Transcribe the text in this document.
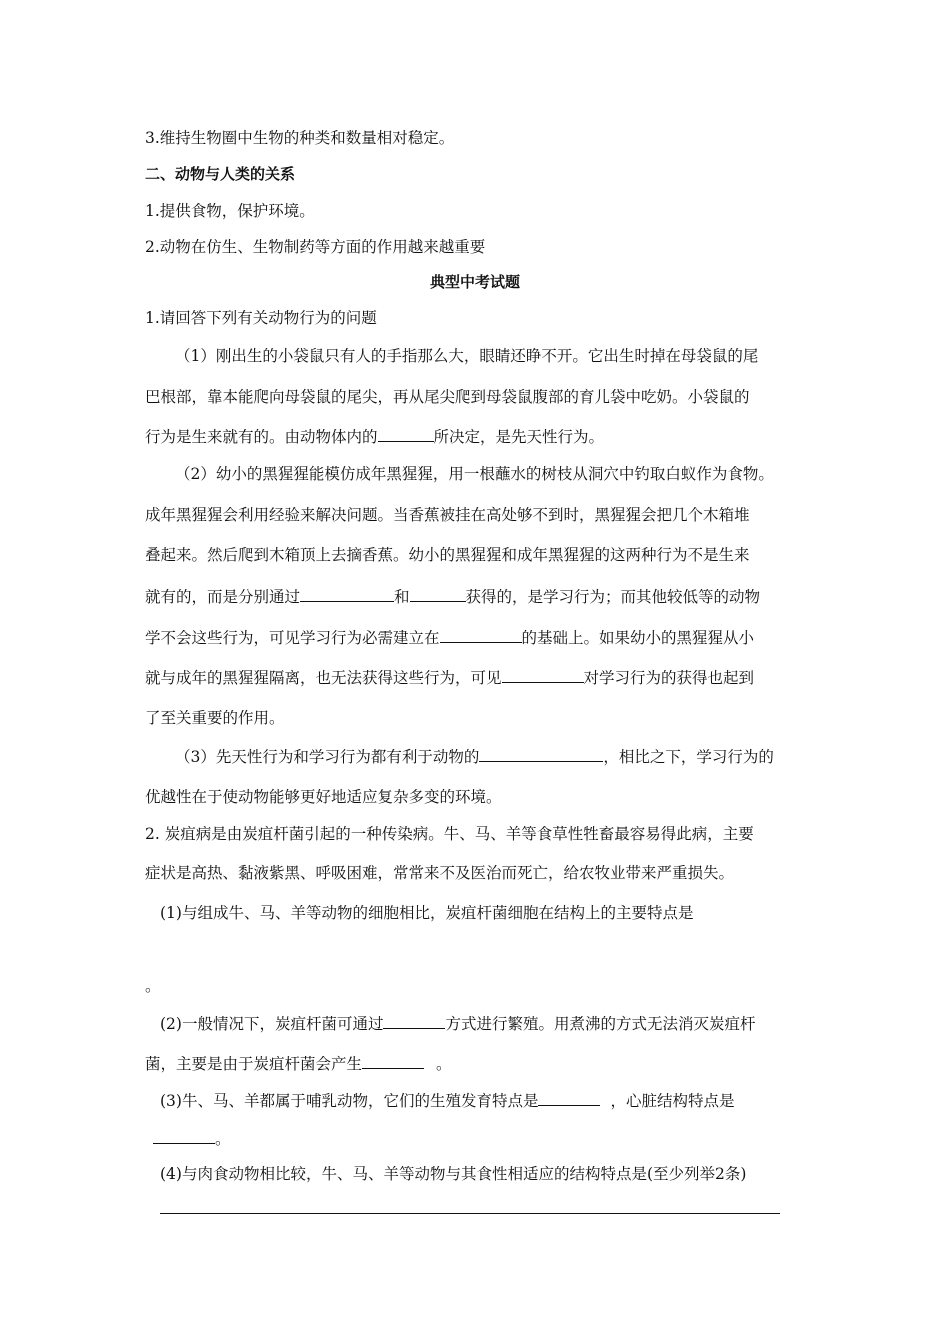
3.维持生物圈中生物的种类和数量相对稳定。
二、动物与人类的关系
1.提供食物，保护环境。
2.动物在仿生、生物制药等方面的作用越来越重要
典型中考试题
1.请回答下列有关动物行为的问题
（1）刚出生的小袋鼠只有人的手指那么大，眼睛还睁不开。它出生时掉在母袋鼠的尾
巴根部，靠本能爬向母袋鼠的尾尖，再从尾尖爬到母袋鼠腹部的育儿袋中吃奶。小袋鼠的
行为是生来就有的。由动物体内的	所决定，是先天性行为。
（2）幼小的黑猩猩能模仿成年黑猩猩，用一根蘸水的树枝从洞穴中钓取白蚁作为食物。
成年黑猩猩会利用经验来解决问题。当香蕉被挂在高处够不到时，黑猩猩会把几个木箱堆
叠起来。然后爬到木箱顶上去摘香蕉。幼小的黑猩猩和成年黑猩猩的这两种行为不是生来
就有的，而是分别通过	和	获得的，是学习行为；而其他较低等的动物
学不会这些行为，可见学习行为必需建立在	的基础上。如果幼小的黑猩猩从小
就与成年的黑猩猩隔离，也无法获得这些行为，可见	对学习行为的获得也起到
了至关重要的作用。
（3）先天性行为和学习行为都有利于动物的	，相比之下，学习行为的
优越性在于使动物能够更好地适应复杂多变的环境。
2. 炭疽病是由炭疽杆菌引起的一种传染病。牛、马、羊等食草性牲畜最容易得此病，主要
症状是高热、黏液紫黑、呼吸困难，常常来不及医治而死亡，给农牧业带来严重损失。
(1)与组成牛、马、羊等动物的细胞相比，炭疽杆菌细胞在结构上的主要特点是
。
(2)一般情况下，炭疽杆菌可通过	方式进行繁殖。用煮沸的方式无法消灭炭疽杆
菌，主要是由于炭疽杆菌会产生	。
(3)牛、马、羊都属于哺乳动物，它们的生殖发育特点是	，心脏结构特点是
。
(4)与肉食动物相比较，牛、马、羊等动物与其食性相适应的结构特点是(至少列举2条)
